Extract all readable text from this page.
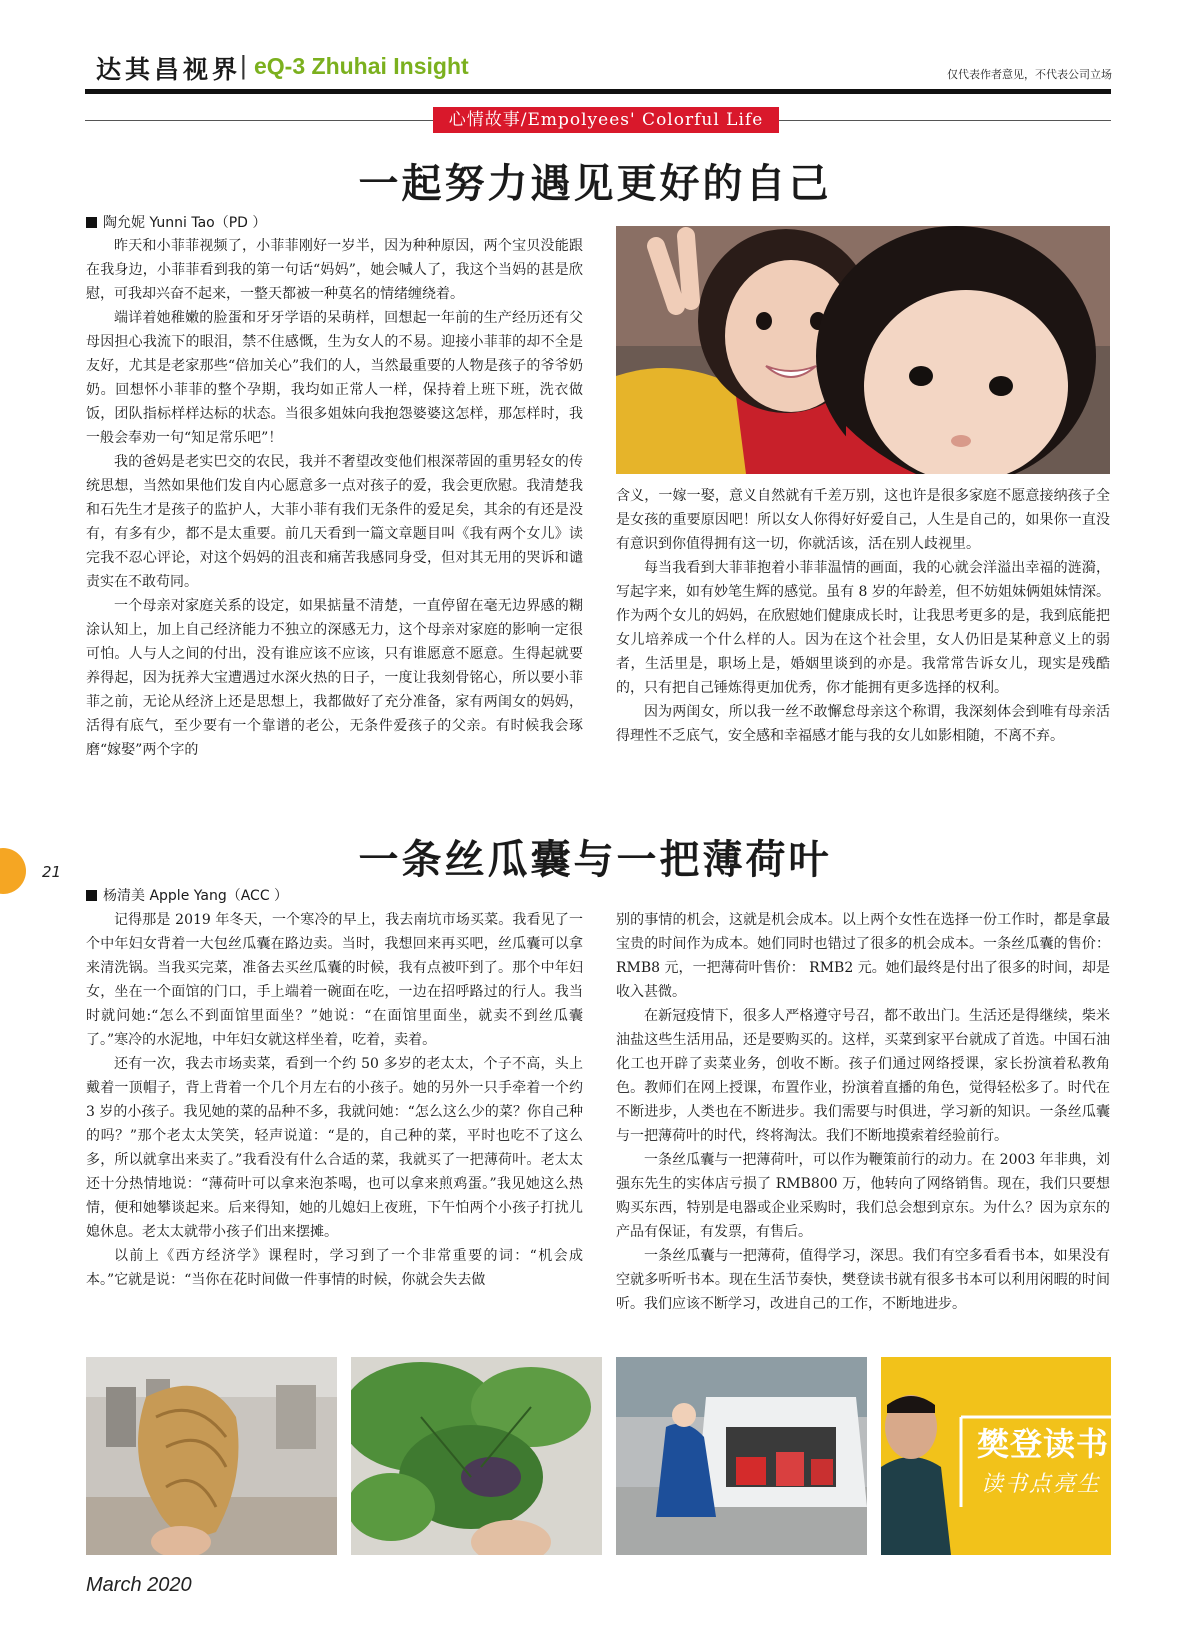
达其昌视界
| eQ-3 Zhuhai Insight	仅代表作者意见，不代表公司立场
心情故事/Empolyees' Colorful Life
一起努力遇见更好的自己
陶允妮 Yunni Tao（PD ）

昨天和小菲菲视频了，小菲菲刚好一岁半，因为种种原因，两个宝贝没能跟在我身边，小菲菲看到我的第一句话“妈妈”，她会喊人了，我这个当妈的甚是欣慰，可我却兴奋不起来，一整天都被一种莫名的情绪缠绕着。

端详着她稚嫩的脸蛋和牙牙学语的呆萌样，回想起一年前的生产经历还有父母因担心我流下的眼泪，禁不住感慨，生为女人的不易。迎接小菲菲的却不全是友好，尤其是老家那些“倍加关心”我们的人，当然最重要的人物是孩子的爷爷奶奶。回想怀小菲菲的整个孕期，我均如正常人一样，保持着上班下班，洗衣做饭，团队指标样样达标的状态。当很多姐妹向我抱怨婆婆这怎样，那怎样时，我一般会奉劝一句“知足常乐吧”！

我的爸妈是老实巴交的农民，我并不奢望改变他们根深蒂固的重男轻女的传统思想，当然如果他们发自内心愿意多一点对孩子的爱，我会更欣慰。我清楚我和石先生才是孩子的监护人，大菲小菲有我们无条件的爱足矣，其余的有还是没有，有多有少，都不是太重要。前几天看到一篇文章题目叫《我有两个女儿》读完我不忍心评论，对这个妈妈的沮丧和痛苦我感同身受，但对其无用的哭诉和谴责实在不敢苟同。

一个母亲对家庭关系的设定，如果掂量不清楚，一直停留在毫无边界感的糊涂认知上，加上自己经济能力不独立的深感无力，这个母亲对家庭的影响一定很可怕。人与人之间的付出，没有谁应该不应该，只有谁愿意不愿意。生得起就要养得起，因为抚养大宝遭遇过水深火热的日子，一度让我刻骨铭心，所以要小菲菲之前，无论从经济上还是思想上，我都做好了充分准备，家有两闺女的妈妈，活得有底气，至少要有一个靠谱的老公，无条件爱孩子的父亲。有时候我会琢磨“嫁娶”两个字的

含义，一嫁一娶，意义自然就有千差万别，这也许是很多家庭不愿意接纳孩子全是女孩的重要原因吧！所以女人你得好好爱自己，人生是自己的，如果你一直没有意识到你值得拥有这一切，你就活该，活在别人歧视里。

每当我看到大菲菲抱着小菲菲温情的画面，我的心就会洋溢出幸福的涟漪，写起字来，如有妙笔生辉的感觉。虽有 8 岁的年龄差，但不妨姐妹俩姐妹情深。作为两个女儿的妈妈，在欣慰她们健康成长时，让我思考更多的是，我到底能把女儿培养成一个什么样的人。因为在这个社会里，女人仍旧是某种意义上的弱者，生活里是，职场上是，婚姻里谈到的亦是。我常常告诉女儿，现实是残酷的，只有把自己锤炼得更加优秀，你才能拥有更多选择的权利。

因为两闺女，所以我一丝不敢懈怠母亲这个称谓，我深刻体会到唯有母亲活得理性不乏底气，安全感和幸福感才能与我的女儿如影相随，不离不弃。

21	一条丝瓜囊与一把薄荷叶
杨清美 Apple Yang（ACC ）

记得那是 2019 年冬天，一个寒冷的早上，我去南坑市场买菜。我看见了一个中年妇女背着一大包丝瓜囊在路边卖。当时，我想回来再买吧，丝瓜囊可以拿来清洗锅。当我买完菜，准备去买丝瓜囊的时候，我有点被吓到了。那个中年妇女，坐在一个面馆的门口，手上端着一碗面在吃，一边在招呼路过的行人。我当时就问她:“怎么不到面馆里面坐？”她说：“在面馆里面坐，就卖不到丝瓜囊了。”寒冷的水泥地，中年妇女就这样坐着，吃着，卖着。

还有一次，我去市场卖菜，看到一个约 50 多岁的老太太，个子不高，头上戴着一顶帽子，背上背着一个几个月左右的小孩子。她的另外一只手牵着一个约 3 岁的小孩子。我见她的菜的品种不多，我就问她：“怎么这么少的菜？你自己种的吗？”那个老太太笑笑，轻声说道：“是的，自己种的菜，平时也吃不了这么多，所以就拿出来卖了。”我看没有什么合适的菜，我就买了一把薄荷叶。老太太还十分热情地说：“薄荷叶可以拿来泡茶喝，也可以拿来煎鸡蛋。”我见她这么热情，便和她攀谈起来。后来得知，她的儿媳妇上夜班，下午怕两个小孩子打扰儿媳休息。老太太就带小孩子们出来摆摊。

以前上《西方经济学》课程时，学习到了一个非常重要的词：“机会成本。”它就是说：“当你在花时间做一件事情的时候，你就会失去做

别的事情的机会，这就是机会成本。以上两个女性在选择一份工作时，都是拿最宝贵的时间作为成本。她们同时也错过了很多的机会成本。一条丝瓜囊的售价：RMB8 元，一把薄荷叶售价： RMB2 元。她们最终是付出了很多的时间，却是收入甚微。

在新冠疫情下，很多人严格遵守号召，都不敢出门。生活还是得继续，柴米油盐这些生活用品，还是要购买的。这样，买菜到家平台就成了首选。中国石油化工也开辟了卖菜业务，创收不断。孩子们通过网络授课，家长扮演着私教角色。教师们在网上授课，布置作业，扮演着直播的角色，觉得轻松多了。时代在不断进步，人类也在不断进步。我们需要与时俱进，学习新的知识。一条丝瓜囊与一把薄荷叶的时代，终将淘汰。我们不断地摸索着经验前行。

一条丝瓜囊与一把薄荷叶，可以作为鞭策前行的动力。在 2003 年非典，刘强东先生的实体店亏损了 RMB800 万，他转向了网络销售。现在，我们只要想购买东西，特别是电器或企业采购时，我们总会想到京东。为什么？因为京东的产品有保证，有发票，有售后。

一条丝瓜囊与一把薄荷，值得学习，深思。我们有空多看看书本，如果没有空就多听听书本。现在生活节奏快，樊登读书就有很多书本可以利用闲暇的时间听。我们应该不断学习，改进自己的工作，不断地进步。

樊登读书
读书点亮生
March 2020
